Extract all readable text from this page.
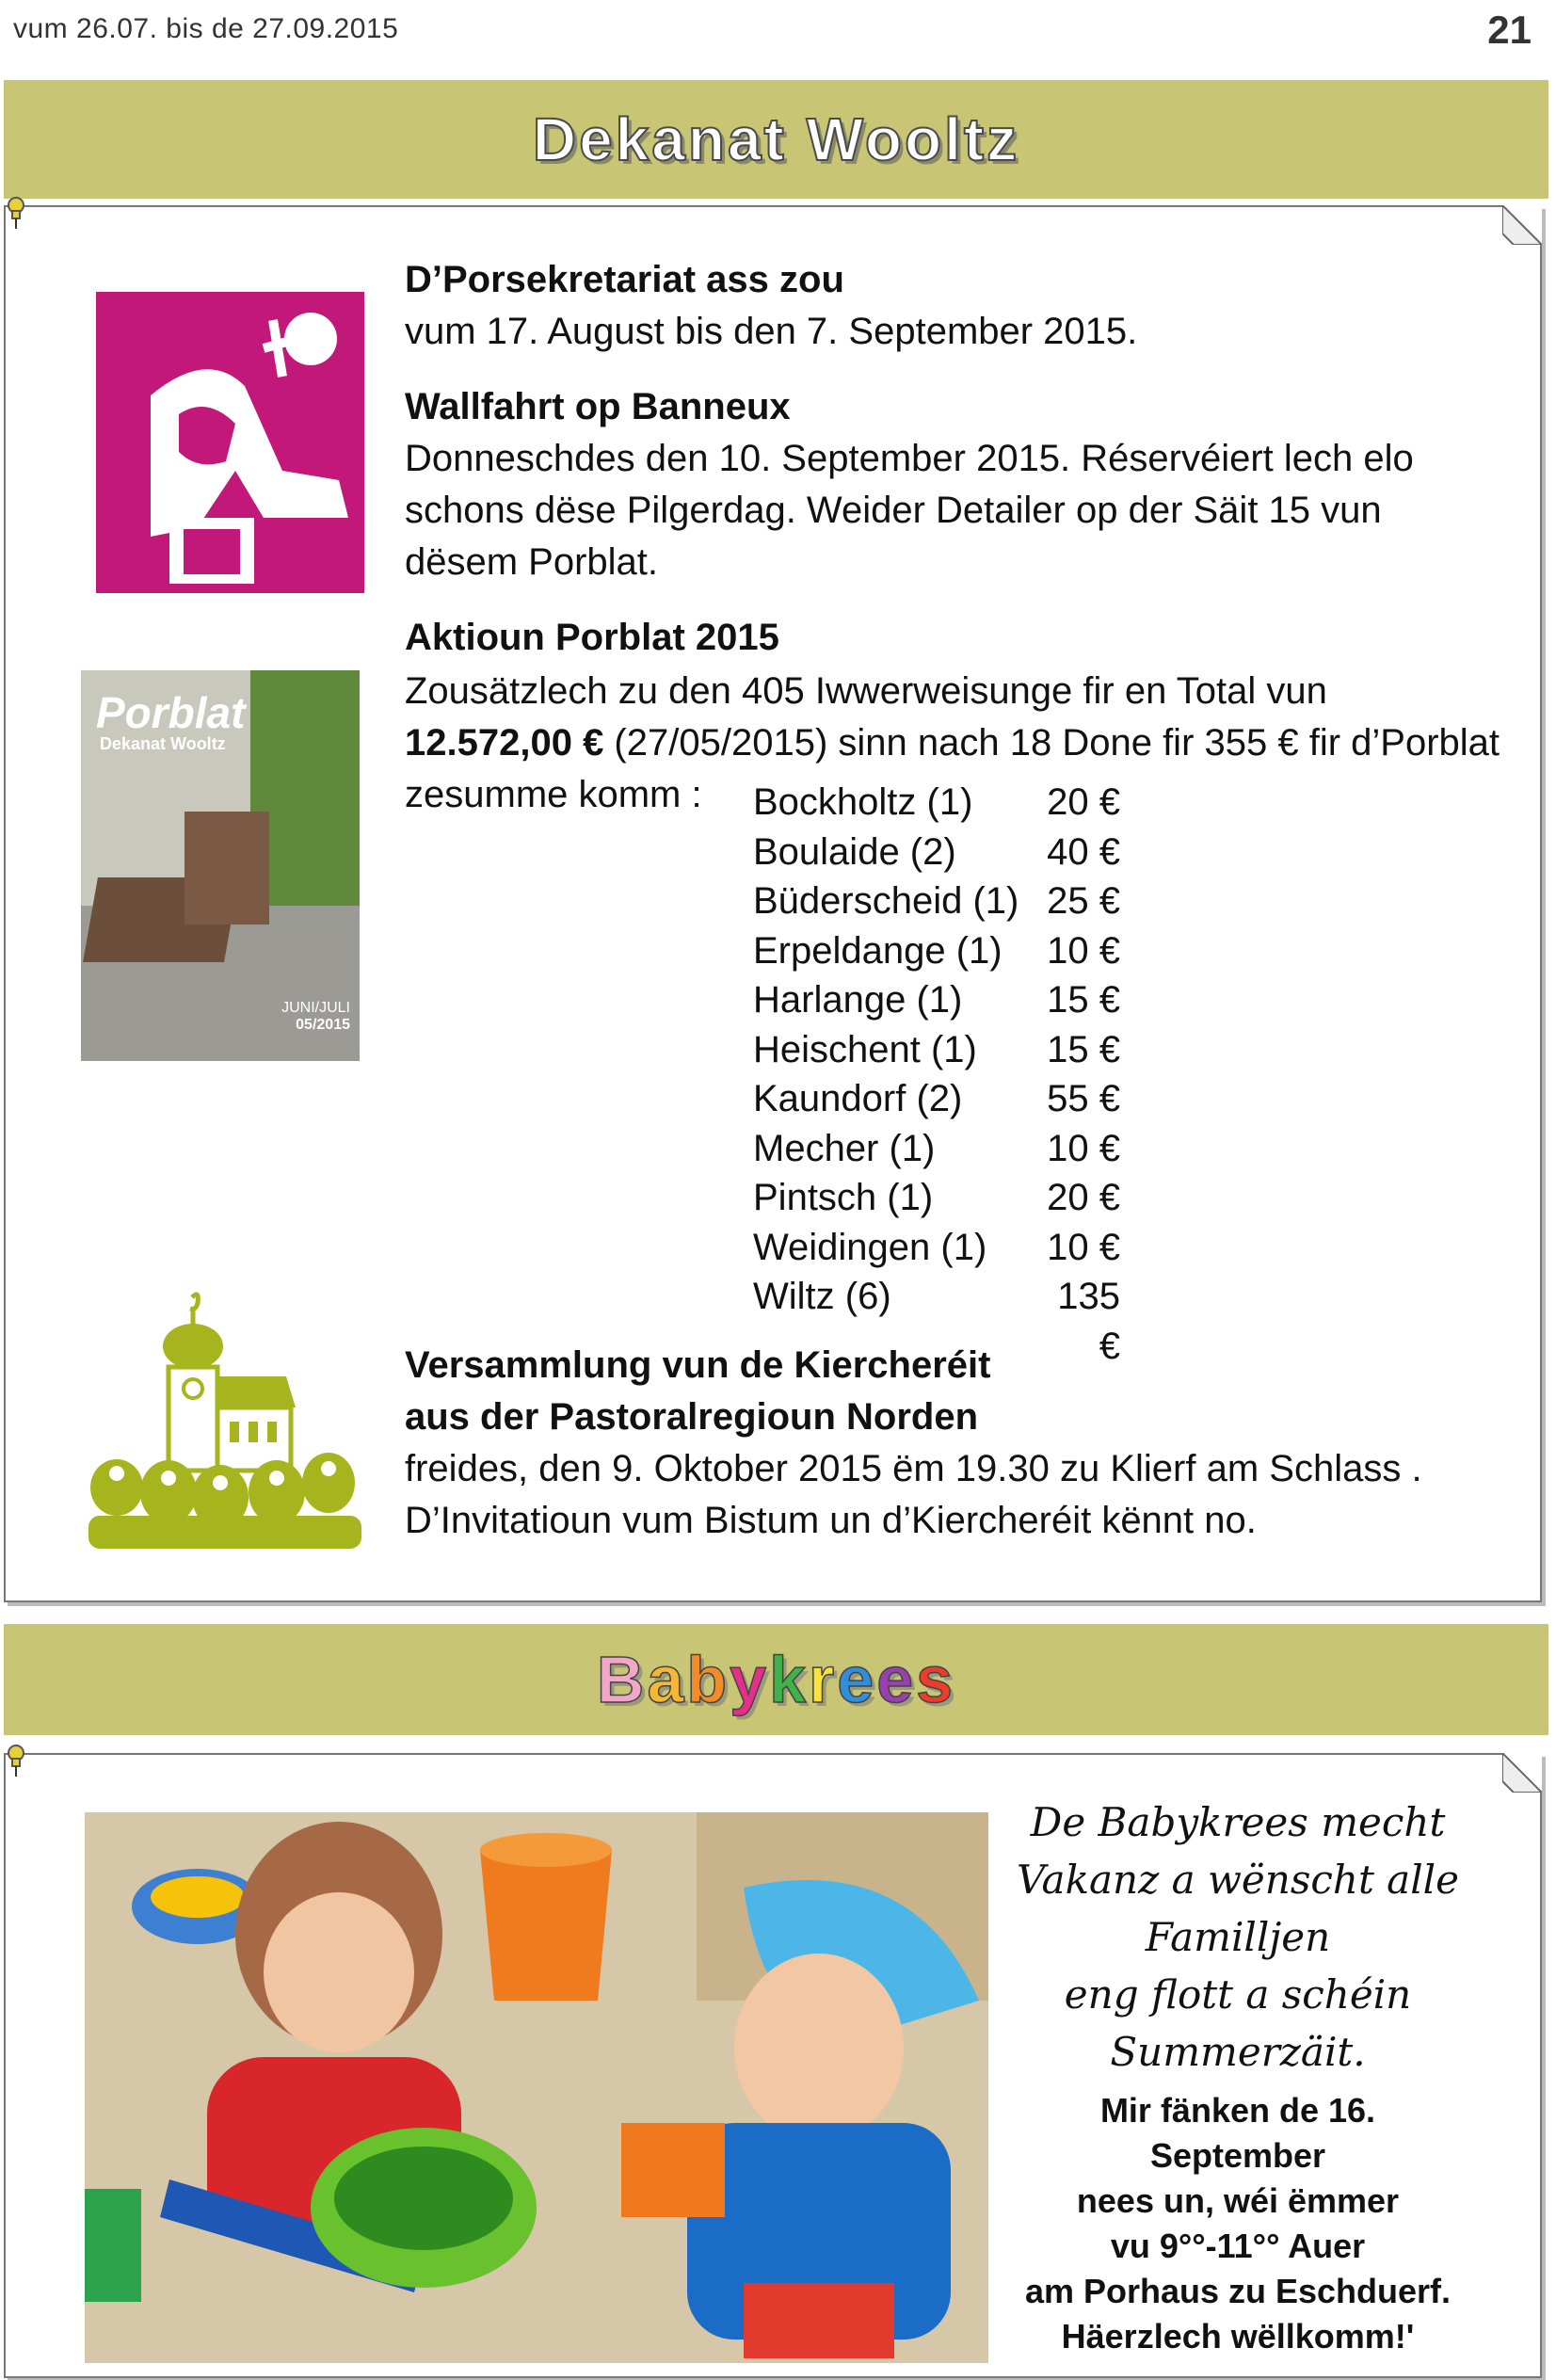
vum 26.07. bis de 27.09.2015	21
Dekanat Wooltz
Porblat
Dekanat Wooltz
JUNI/JULI
05/2015

D’Porsekretariat ass zou

vum 17. August bis den 7. September 2015.

Wallfahrt op Banneux

Donneschdes den 10. September 2015. Réservéiert lech elo

schons dëse Pilgerdag. Weider Detailer op der Säit 15 vun

dësem Porblat.

Aktioun Porblat 2015

Zousätzlech zu den 405 Iwwerweisunge fir en Total vun

12.572,00 € (27/05/2015) sinn nach 18 Done fir 355 € fir d’Porblat

zesumme komm :	Bockholtz (1)	20 €
Boulaide (2)	40 €
Büderscheid (1) 25 €
Erpeldange (1)	10 €
Harlange (1)	15 €
Heischent (1)	15 €
Kaundorf (2)	55 €
Mecher (1)	10 €
Pintsch (1)	20 €
Weidingen (1)	10 €
Wiltz (6)	135 €

Versammlung vun de Kiercheréit

aus der Pastoralregioun Norden

freides, den 9. Oktober 2015 ëm 19.30 zu Klierf am Schlass .

D’Invitatioun vum Bistum un d’Kiercheréit kënnt no.

Babykrees
De Babykrees mecht
Vakanz a wënscht alle
Familljen
eng flott a schéin
Summerzäit.
Mir fänken de 16. September
nees un, wéi ëmmer
vu 9°°-11°° Auer
am Porhaus zu Eschduerf.
Häerzlech wëllkomm!'
